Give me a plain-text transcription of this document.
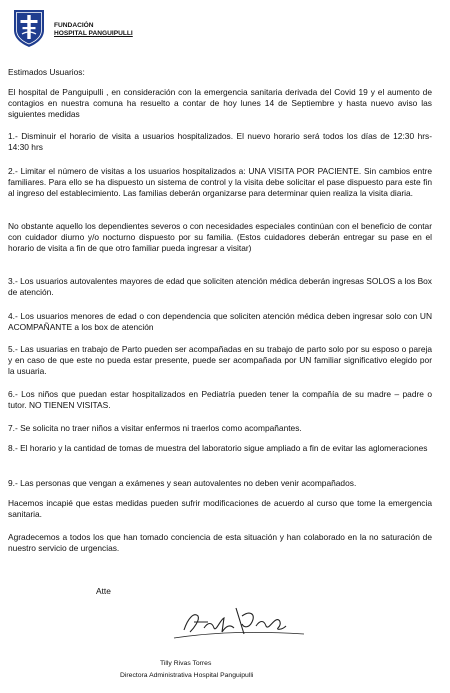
FUNDACIÓN
HOSPITAL PANGUIPULLI
Estimados Usuarios:
El hospital de Panguipulli , en consideración con la emergencia sanitaria derivada del Covid 19 y el aumento de contagios en nuestra comuna ha resuelto a contar de hoy lunes 14 de Septiembre y hasta nuevo aviso las siguientes medidas
1.- Disminuir el horario de visita a usuarios hospitalizados. El nuevo horario será todos los días de 12:30 hrs- 14:30 hrs
2.- Limitar el número de visitas a los usuarios hospitalizados a: UNA VISITA POR PACIENTE. Sin cambios entre familiares. Para ello se ha dispuesto un sistema de control y la visita debe solicitar el pase dispuesto para este fin al ingreso del establecimiento. Las familias deberán organizarse para determinar quien realiza la visita diaria.
No obstante aquello los dependientes severos o con necesidades especiales continúan con el beneficio de contar con cuidador diurno y/o nocturno dispuesto por su familia. (Estos cuidadores deberán entregar su pase en el horario de visita a fin de que otro familiar pueda ingresar a visitar)
3.- Los usuarios autovalentes mayores de edad que soliciten atención médica deberán ingresas SOLOS a los Box de atención.
4.- Los usuarios menores de edad o con dependencia que soliciten atención médica deben ingresar solo con UN ACOMPAÑANTE a los box de atención
5.- Las usuarias en trabajo de Parto pueden ser acompañadas en su trabajo de parto solo por su esposo o pareja y en caso de que este no pueda estar presente, puede ser acompañada por UN familiar significativo elegido por la usuaria.
6.- Los niños que puedan estar hospitalizados en Pediatría pueden tener la compañía de su madre – padre o tutor. NO TIENEN VISITAS.
7.- Se solicita no traer niños a visitar enfermos ni traerlos como acompañantes.
8.- El horario y la cantidad de tomas de muestra del laboratorio sigue ampliado a fin de evitar las aglomeraciones
9.- Las personas que vengan a exámenes y sean autovalentes no deben venir acompañados.
Hacemos incapié que estas medidas pueden sufrir modificaciones de acuerdo al curso que tome la emergencia sanitaria.
Agradecemos a todos los que han tomado conciencia de esta situación y han colaborado en la no saturación de nuestro servicio de urgencias.
Atte
Tilly Rivas Torres
Directora Administrativa Hospital Panguipulli
